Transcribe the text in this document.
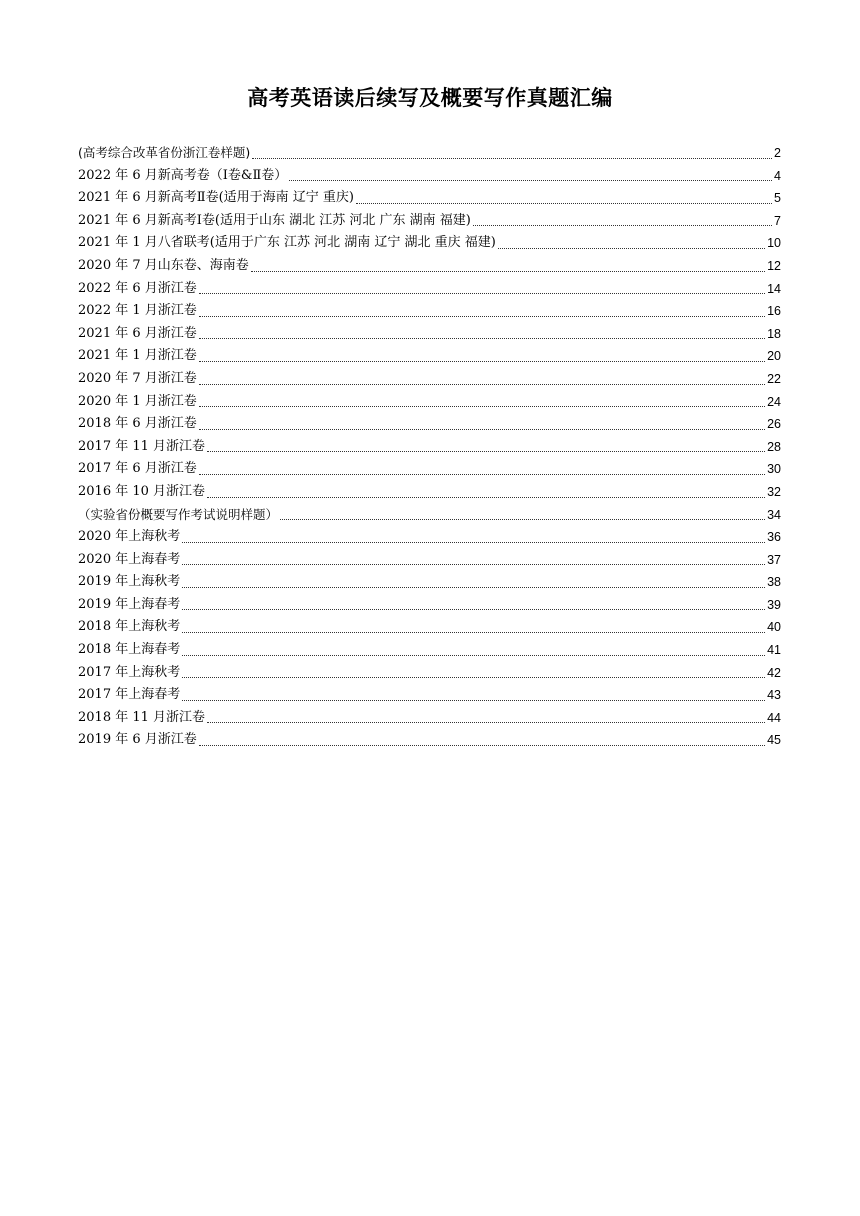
高考英语读后续写及概要写作真题汇编
(高考综合改革省份浙江卷样题)	2
2022 年 6 月新高考卷（Ⅰ卷&Ⅱ卷）	4
2021 年 6 月新高考Ⅱ卷(适用于海南 辽宁 重庆)	5
2021 年 6 月新高考Ⅰ卷(适用于山东 湖北 江苏 河北 广东 湖南 福建)	7
2021 年 1 月八省联考(适用于广东 江苏 河北 湖南 辽宁 湖北 重庆 福建)	10
2020 年 7 月山东卷、海南卷	12
2022 年 6 月浙江卷	14
2022 年 1 月浙江卷	16
2021 年 6 月浙江卷	18
2021 年 1 月浙江卷	20
2020 年 7 月浙江卷	22
2020 年 1 月浙江卷	24
2018 年 6 月浙江卷	26
2017 年 11 月浙江卷	28
2017 年 6 月浙江卷	30
2016 年 10 月浙江卷	32
（实验省份概要写作考试说明样题）	34
2020 年上海秋考	36
2020 年上海春考	37
2019 年上海秋考	38
2019 年上海春考	39
2018 年上海秋考	40
2018 年上海春考	41
2017 年上海秋考	42
2017 年上海春考	43
2018 年 11 月浙江卷	44
2019 年 6 月浙江卷	45
